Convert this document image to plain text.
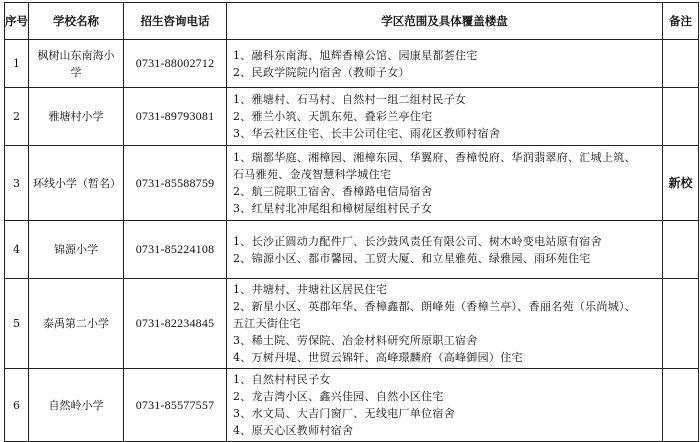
序号	学校名称	招生咨询电话	学区范围及具体覆盖楼盘	备注
1	枫树山东南海小学	0731-88002712	1、融科东南海、旭辉香樟公馆、园康星都荟住宅
2、民政学院院内宿舍（教师子女）	

2	雅塘村小学	0731-89793081	1、雅塘村、石马村、自然村一组二组村民子女
2、雅兰小筑、天凯东苑、叠彩兰亭住宅
3、华云社区住宅、长丰公司住宅、雨花区教师村宿舍	

3	环线小学（暂名）	0731-85588759	1、瑞都华庭、湘樟园、湘樟东园、华翼府、香樟悦府、华润翡翠府、汇城上筑、
石马雅苑、金茂智慧科学城住宅
2、航三院职工宿舍、香樟路电信局宿舍
3、红星村北冲尾组和樟树屋组村民子女	新校
4	锦源小学	0731-85224108	1、长沙正圆动力配件厂、长沙鼓风责任有限公司、树木岭变电站原有宿舍
2、锦源小区、都市馨园、工贸大厦、和立星雅苑、绿雅园、雨环苑住宅	

5	泰禹第二小学	0731-82234845	1、井塘村、井塘社区居民住宅
2、新星小区、英郡年华、香樟鑫都、朗峰苑（香樟兰亭）、香丽名苑（乐尚城）、
五江天街住宅
3、稀土院、劳保院、冶金材料研究所原职工宿舍
4、万树丹堤、世贸云锦轩、高峰璟麟府（高峰御园）住宅	

6	自然岭小学	0731-85577557	1、自然村村民子女
2、龙吉湾小区、鑫兴佳园、自然小区住宅
3、水文局、大吉门窗厂、无线电厂单位宿舍
4、原天心区教师村宿舍	
